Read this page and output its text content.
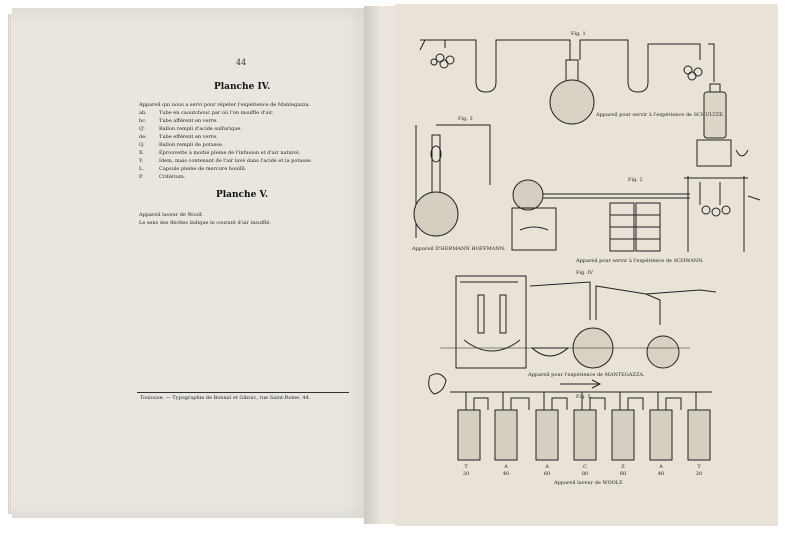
44
Planche IV.
Appareil qui nous a servi pour répéter l'expérience de Mantegazza.
ab. Tube en caoutchouc par où l'on insuffle d'air.
bc. Tube afférent en verre.
Q'.	Ballon rempli d'acide sulfurique.
de. Tube efférent en verre.
Q.	Ballon rempli de potasse.
X.	Éprouvette à moitié pleine de l'infusion et d'air naturel.
Y.	Idem, mais contenant de l'air lavé dans l'acide et la potasse.
L.	Capsule pleine de mercure bouilli.
P.	Critérium.
Planche V.
Appareil laveur de Woolf.
Le sens des flèches indique le courant d'air insufflé.
Toulouse. — Typographie de Bonnal et Gibrac, rue Saint-Rome, 44.
Fig. 1
Fig. 2
Fig. 3
Fig. IV
Fig. 5
Appareil pour servir à l'expérience de SCHULTZE.
Appareil D'HERMANN HOFFMANN.
Appareil pour servir à l'expérience de SCHWANN.
Appareil pour l'expérience de MANTEGAZZA.
Appareil laveur de WOOLF.
T
20
A
40
A
60
C
80
Z
60
A
40
T
20
